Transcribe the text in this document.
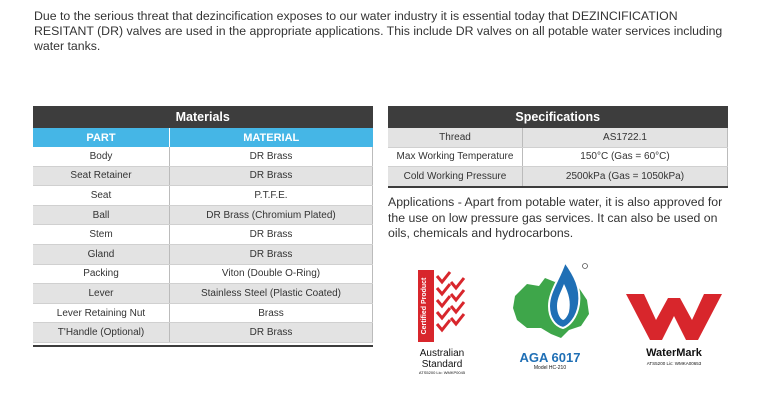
Due to the serious threat that dezincification exposes to our water industry it is essential today that DEZINCIFICATION RESITANT (DR) valves are used in the appropriate applications. This include DR valves on all potable water services including water tanks.
Materials	
PART	MATERIAL
Body	DR Brass
Seat Retainer	DR Brass
Seat	P.T.F.E.
Ball	DR Brass (Chromium Plated)
Stem	DR Brass
Gland	DR Brass
Packing	Viton (Double O-Ring)
Lever	Stainless Steel (Plastic Coated)
Lever Retaining Nut	Brass
T'Handle (Optional)	DR Brass
Specifications	
Thread	AS1722.1
Max Working Temperature	150°C (Gas = 60°C)
Cold Working Pressure	2500kPa (Gas = 1050kPa)
Applications - Apart from potable water, it is also approved for the use on low pressure gas services. It can also be used on oils, chemicals and hydrocarbons.
Certified Product
Australian
Standard
ATS5200 Lic: WMKP0045
AGA 6017
Model HC-210
WaterMark
ATS5200 Lic: WMKA00653
